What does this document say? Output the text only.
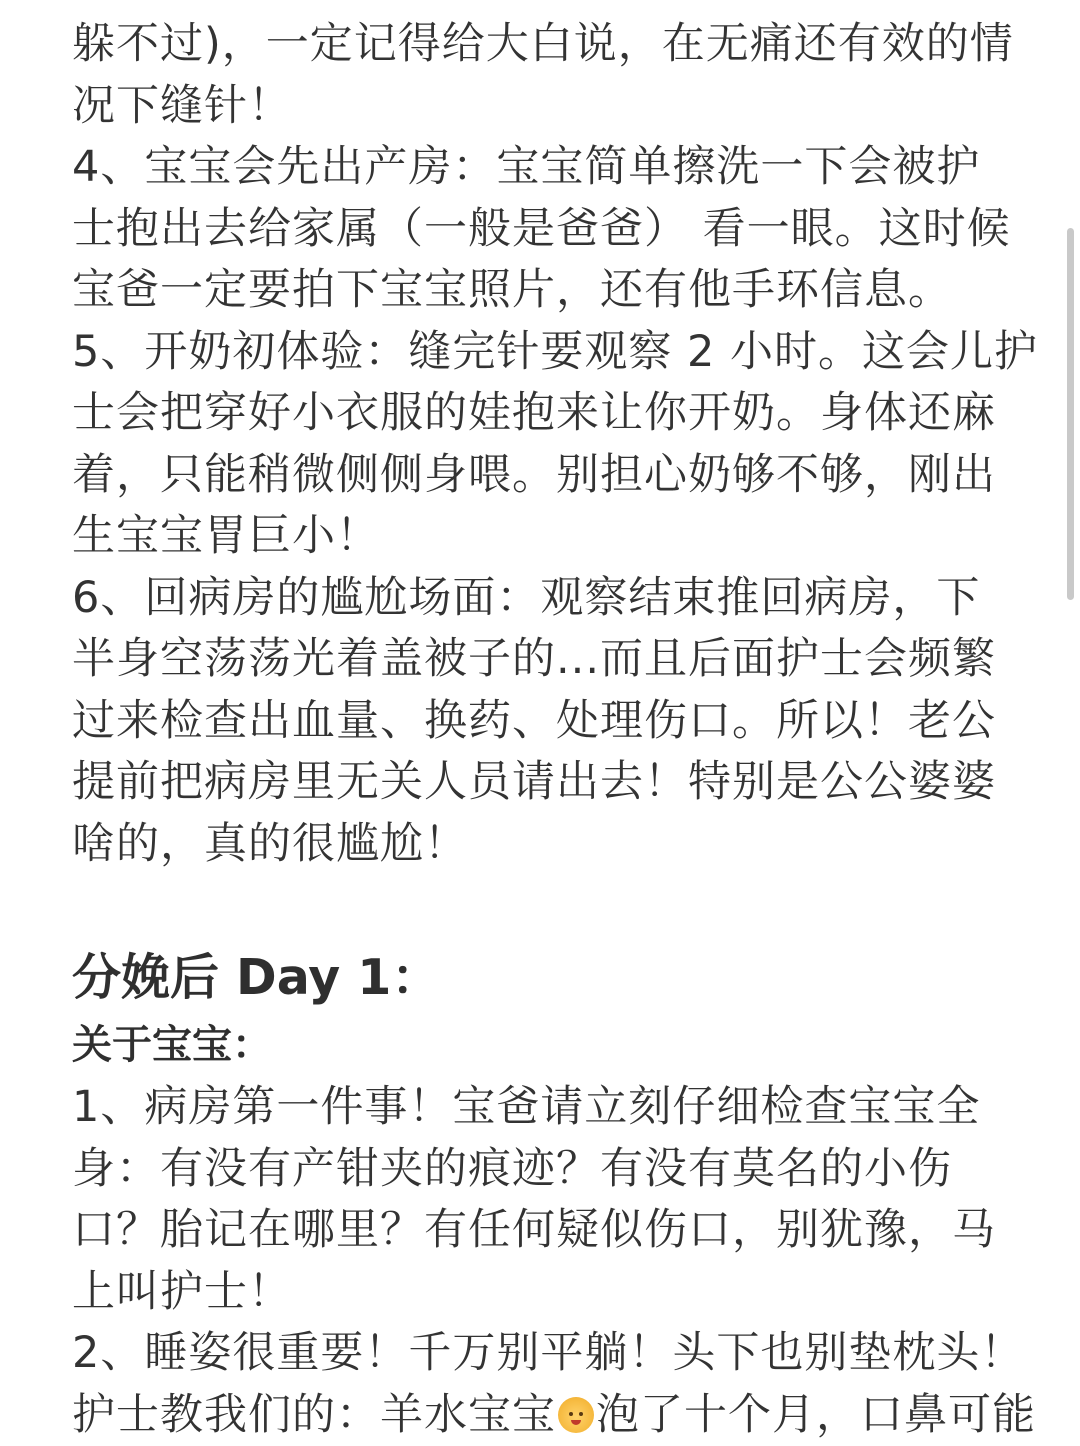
躲不过)，一定记得给大白说，在无痛还有效的情

况下缝针！

4、宝宝会先出产房：宝宝简单擦洗一下会被护

士抱出去给家属（一般是爸爸） 看一眼。这时候

宝爸一定要拍下宝宝照片，还有他手环信息。

5、开奶初体验：缝完针要观察 2 小时。这会儿护

士会把穿好小衣服的娃抱来让你开奶。身体还麻

着，只能稍微侧侧身喂。别担心奶够不够，刚出

生宝宝胃巨小！

6、回病房的尴尬场面：观察结束推回病房，下

半身空荡荡光着盖被子的...而且后面护士会频繁

过来检查出血量、换药、处理伤口。所以！老公

提前把病房里无关人员请出去！特别是公公婆婆

啥的，真的很尴尬！

分娩后 Day 1：
关于宝宝：

1、病房第一件事！宝爸请立刻仔细检查宝宝全

身：有没有产钳夹的痕迹？有没有莫名的小伤

口？胎记在哪里？有任何疑似伤口，别犹豫，马

上叫护士！

2、睡姿很重要！千万别平躺！头下也别垫枕头！

护士教我们的：羊水宝宝 泡了十个月，口鼻可能
